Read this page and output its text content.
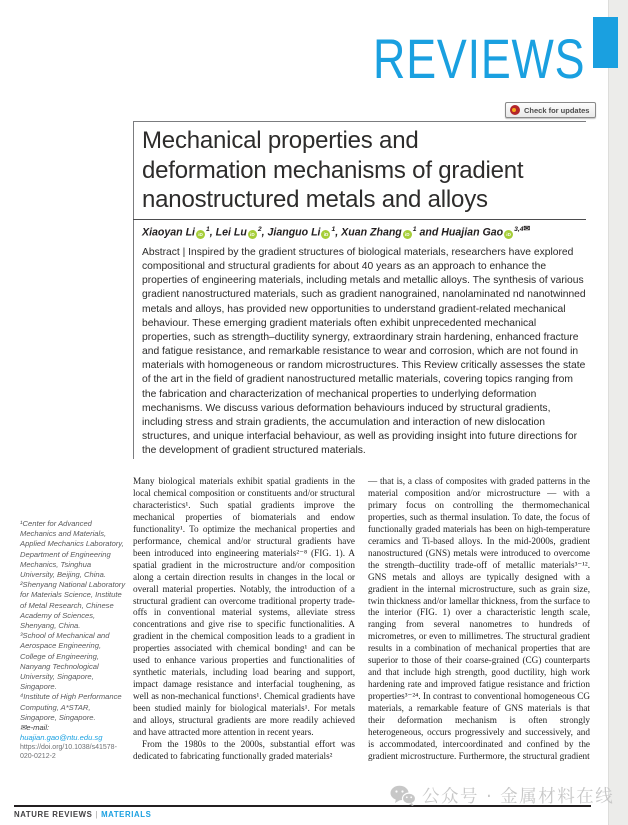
REVIEWS
Check for updates
Mechanical properties and
deformation mechanisms of gradient
nanostructured metals and alloys
Xiaoyan Li $iD^1$, Lei Lu $iD^2$, Jianguo Li $iD^1$, Xuan Zhang $iD^1$ and Huajian Gao $iD^{3,4✉}$
Abstract | Inspired by the gradient structures of biological materials, researchers have explored compositional and structural gradients for about 40 years as an approach to enhance the properties of engineering materials, including metals and metallic alloys. The synthesis of various gradient nanostructured materials, such as gradient nanograined, nanolaminated nd nanotwinned metals and alloys, has provided new opportunities to understand gradient-related mechanical behaviour. These emerging gradient materials often exhibit unprecedented mechanical properties, such as strength–ductility synergy, extraordinary strain hardening, enhanced fracture and fatigue resistance, and remarkable resistance to wear and corrosion, which are not found in materials with homogeneous or random microstructures. This Review critically assesses the state of the art in the field of gradient nanostructured metallic materials, covering topics ranging from the fabrication and characterization of mechanical properties to underlying deformation mechanisms. We discuss various deformation behaviours induced by structural gradients, including stress and strain gradients, the accumulation and interaction of new dislocation structures, and unique interfacial behaviour, as well as providing insight into future directions for the development of gradient structured materials.

Many biological materials exhibit spatial gradients in the local chemical composition or constituents and/or structural characteristics¹. Such spatial gradients improve the mechanical properties of biomaterials and endow functionality¹. To optimize the mechanical properties and performance, chemical and/or structural gradients have been introduced into engineering materials²⁻⁸ (FIG. 1). A spatial gradient in the microstructure and/or composition along a certain direction results in changes in the local or overall material properties. Notably, the introduction of a structural gradient can overcome traditional property trade-offs in conventional material systems, alleviate stress concentrations and give rise to specific functionalities. A gradient in the chemical composition leads to a gradient in properties associated with chemical bonding¹ and can be used to enhance various properties and functionalities of synthetic materials, including load bearing and support, impact damage resistance and interfacial toughening, as well as non-mechanical functions¹. Chemical gradients have been studied mainly for biological materials¹. For metals and alloys, structural gradients are more readily achieved and have attracted more attention in recent years.

From the 1980s to the 2000s, substantial effort was dedicated to fabricating functionally graded materials²

— that is, a class of composites with graded patterns in the material composition and/or microstructure — with a primary focus on controlling the thermomechanical properties, such as thermal insulation. To date, the focus of functionally graded materials has been on high-temperature ceramics and Ti-based alloys. In the mid-2000s, gradient nanostructured (GNS) metals were introduced to overcome the strength–ductility trade-off of metallic materials³⁻¹². GNS metals and alloys are typically designed with a gradient in the internal microstructure, such as grain size, twin thickness and/or lamellar thickness, from the surface to the interior (FIG. 1) over a characteristic length scale, ranging from several nanometres to hundreds of micrometres, or even to millimetres. The structural gradient results in a combination of mechanical properties that are superior to those of their coarse-grained (CG) counterparts and that include high strength, good ductility, high work hardening rate and improved fatigue resistance and friction properties³⁻²⁴. In contrast to conventional homogeneous CG materials, a remarkable feature of GNS materials is that their deformation mechanism is often strongly heterogeneous, occurs progressively and successively, and is accommodated, intercoordinated and confined by the gradient microstructure. Furthermore, the structural gradient

¹Center for Advanced Mechanics and Materials, Applied Mechanics Laboratory, Department of Engineering Mechanics, Tsinghua University, Beijing, China.

²Shenyang National Laboratory for Materials Science, Institute of Metal Research, Chinese Academy of Sciences, Shenyang, China.

³School of Mechanical and Aerospace Engineering, College of Engineering, Nanyang Technological University, Singapore, Singapore.

⁴Institute of High Performance Computing, A*STAR, Singapore, Singapore.

✉e-mail: huajian.gao@ntu.edu.sg

https://doi.org/10.1038/s41578-020-0212-2

NATURE REVIEWS | MATERIALS
公众号 · 金属材料在线
